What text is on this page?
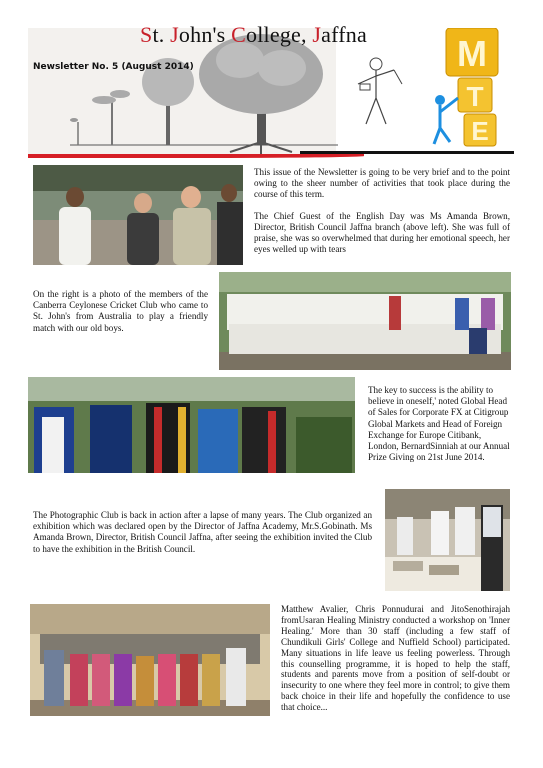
St. John's College, Jaffna
Newsletter No. 5 (August 2014)	M
T
E

This issue of the Newsletter is going to be very brief and to the point owing to the sheer number of activities that took place during the course of this term.

The Chief Guest of the English Day was Ms Amanda Brown, Director, British Council Jaffna branch (above left). She was full of praise, she was so overwhelmed that during her emotional speech, her eyes welled up with tears

On the right is a photo of the members of the Canberra Ceylonese Cricket Club who came to St. John's from Australia to play a friendly match with our old boys.

The key to success is the ability to believe in oneself,' noted Global Head of Sales for Corporate FX at Citigroup Global Markets and Head of Foreign Exchange for Europe Citibank, London, BernardSinniah at our Annual Prize Giving on 21st June 2014.

The Photographic Club is back in action after a lapse of many years. The Club organized an exhibition which was declared open by the Director of Jaffna Academy, Mr.S.Gobinath. Ms Amanda Brown, Director, British Council Jaffna, after seeing the exhibition invited the Club to have the exhibition in the British Council.

Matthew Avalier, Chris Ponnudurai and JitoSenothirajah fromUsaran Healing Ministry conducted a workshop on 'Inner Healing.' More than 30 staff (including a few staff of Chundikuli Girls' College and Nuffield School) participated. Many situations in life leave us feeling powerless. Through this counselling programme, it is hoped to help the staff, students and parents move from a position of self-doubt or insecurity to one where they feel more in control; to give them back choice in their life and hopefully the confidence to use that choice...
